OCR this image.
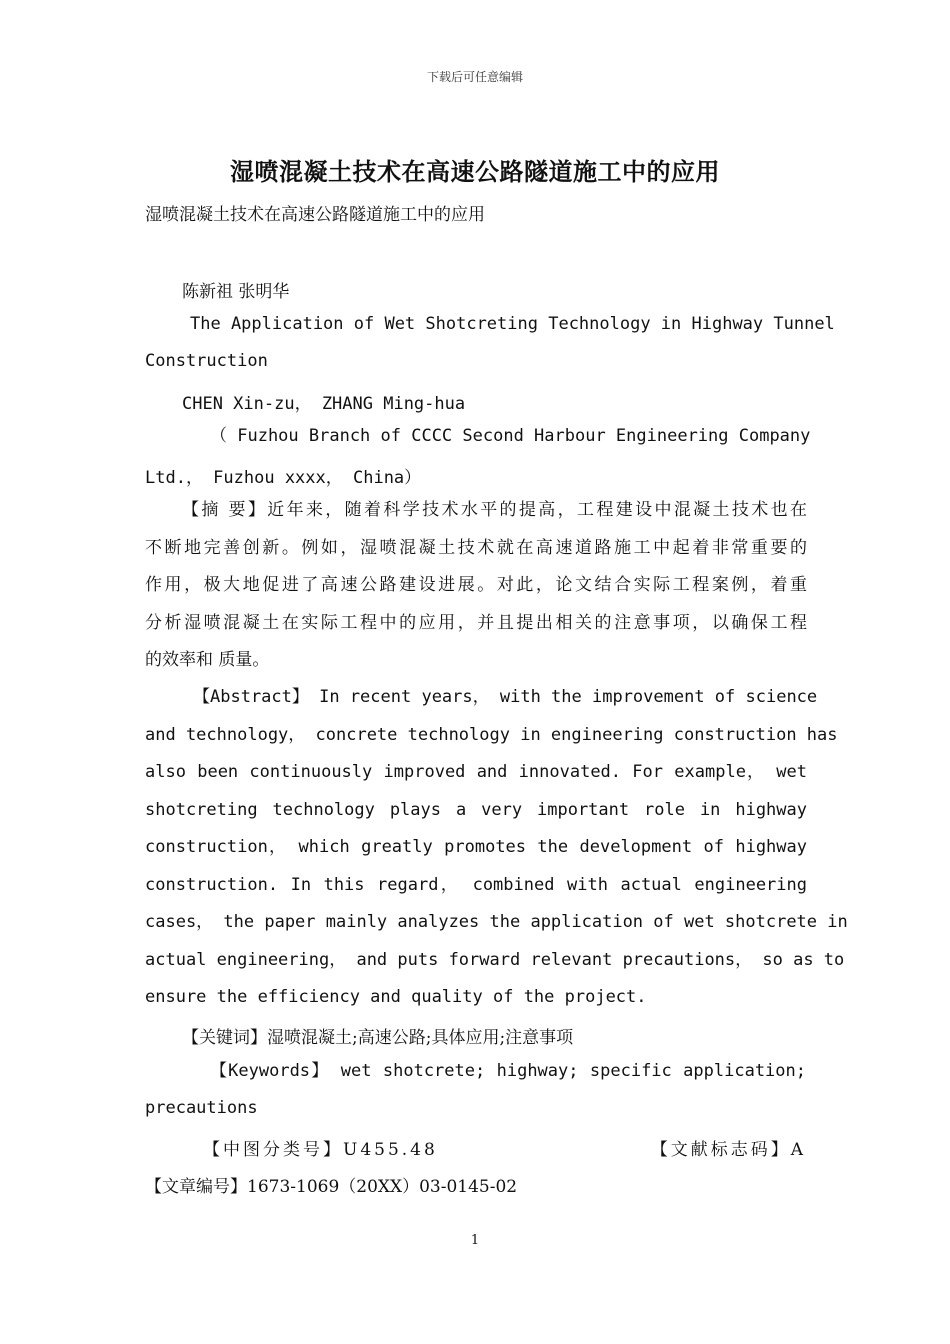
下载后可任意编辑
湿喷混凝土技术在高速公路隧道施工中的应用
湿喷混凝土技术在高速公路隧道施工中的应用
陈新祖 张明华
The Application of Wet Shotcreting Technology in Highway Tunnel
Construction
CHEN Xin-zu， ZHANG Ming-hua
（ Fuzhou Branch of CCCC Second Harbour Engineering Company
Ltd.， Fuzhou xxxx， China）
【摘 要】近年来，随着科学技术水平的提高，工程建设中混凝土技术也在
不断地完善创新。例如，湿喷混凝土技术就在高速道路施工中起着非常重要的
作用，极大地促进了高速公路建设进展。对此，论文结合实际工程案例，着重
分析湿喷混凝土在实际工程中的应用，并且提出相关的注意事项，以确保工程
的效率和 质量。
【Abstract】 In recent years， with the improvement of science
and technology， concrete technology in engineering construction has
also been continuously improved and innovated. For example， wet
shotcreting technology plays a very important role in highway
construction， which greatly promotes the development of highway
construction. In this regard， combined with actual engineering
cases， the paper mainly analyzes the application of wet shotcrete in
actual engineering， and puts forward relevant precautions， so as to
ensure the efficiency and quality of the project.
【关键词】湿喷混凝土;高速公路;具体应用;注意事项
【Keywords】 wet shotcrete; highway; specific application;
precautions
【中图分类号】U455.48	【文献标志码】A
【文章编号】1673-1069（20XX）03-0145-02
1
